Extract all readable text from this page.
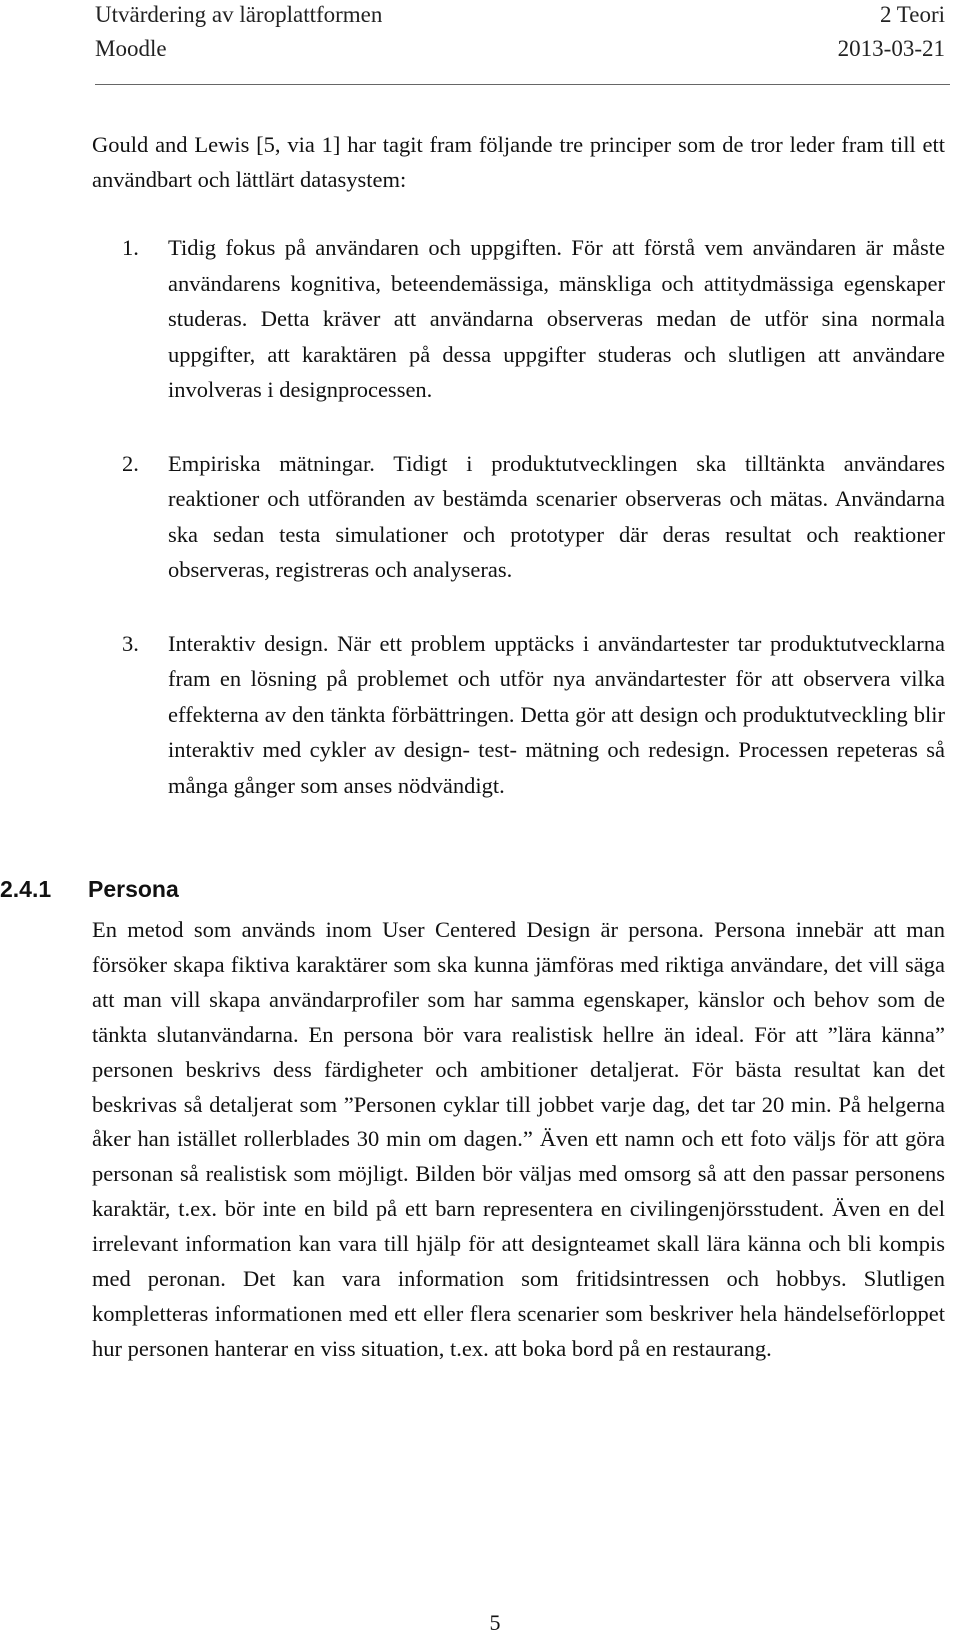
Utvärdering av läroplattformen	2 Teori
Moodle	2013-03-21

Gould and Lewis [5, via 1] har tagit fram följande tre principer som de tror leder fram till ett användbart och lättlärt datasystem:

1. Tidig fokus på användaren och uppgiften. För att förstå vem användaren är måste användarens kognitiva, beteendemässiga, mänskliga och attitydmässiga egenskaper studeras. Detta kräver att användarna observeras medan de utför sina normala uppgifter, att karaktären på dessa uppgifter studeras och slutligen att användare involveras i designprocessen.
2. Empiriska mätningar. Tidigt i produktutvecklingen ska tilltänkta användares reaktioner och utföranden av bestämda scenarier observeras och mätas. Användarna ska sedan testa simulationer och prototyper där deras resultat och reaktioner observeras, registreras och analyseras.
3. Interaktiv design. När ett problem upptäcks i användartester tar produktutvecklarna fram en lösning på problemet och utför nya användartester för att observera vilka effekterna av den tänkta förbättringen. Detta gör att design och produktutveckling blir interaktiv med cykler av design- test- mätning och redesign. Processen repeteras så många gånger som anses nödvändigt.
2.4.1 Persona

En metod som används inom User Centered Design är persona. Persona innebär att man försöker skapa fiktiva karaktärer som ska kunna jämföras med riktiga användare, det vill säga att man vill skapa användarprofiler som har samma egenskaper, känslor och behov som de tänkta slutanvändarna. En persona bör vara realistisk hellre än ideal. För att ”lära känna” personen beskrivs dess färdigheter och ambitioner detaljerat. För bästa resultat kan det beskrivas så detaljerat som ”Personen cyklar till jobbet varje dag, det tar 20 min. På helgerna åker han istället rollerblades 30 min om dagen.” Även ett namn och ett foto väljs för att göra personan så realistisk som möjligt. Bilden bör väljas med omsorg så att den passar personens karaktär, t.ex. bör inte en bild på ett barn representera en civilingenjörsstudent. Även en del irrelevant information kan vara till hjälp för att designteamet skall lära känna och bli kompis med peronan. Det kan vara information som fritidsintressen och hobbys. Slutligen kompletteras informationen med ett eller flera scenarier som beskriver hela händelseförloppet hur personen hanterar en viss situation, t.ex. att boka bord på en restaurang.

5
